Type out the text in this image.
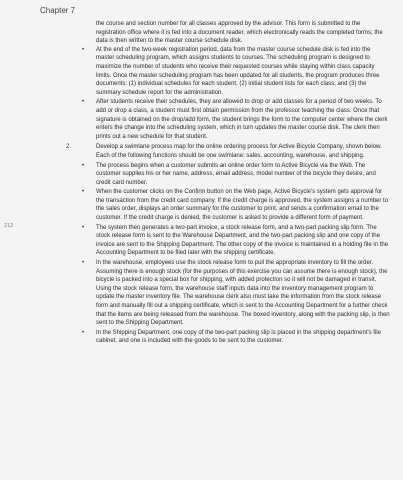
Chapter 7
212

the course and section number for all classes approved by the advisor. This form is submitted to the registration office where it is fed into a document reader, which electronically reads the completed forms; the data is then written to the master course schedule disk.

• At the end of the two-week registration period, data from the master course schedule disk is fed into the master scheduling program, which assigns students to courses. The scheduling program is designed to maximize the number of students who receive their requested courses while staying within class capacity limits. Once the master scheduling program has been updated for all students, the program produces three documents: (1) individual schedules for each student, (2) initial student lists for each class, and (3) the summary schedule report for the administration.
• After students receive their schedules, they are allowed to drop or add classes for a period of two weeks. To add or drop a class, a student must first obtain permission from the professor teaching the class. Once that signature is obtained on the drop/add form, the student brings the form to the computer center where the clerk enters the change into the scheduling system, which in turn updates the master course disk. The clerk then prints out a new schedule for that student.
2.	Develop a swimlane process map for the online ordering process for Active Bicycle Company, shown below. Each of the following functions should be one swimlane: sales, accounting, warehouse, and shipping.

• The process begins when a customer submits an online order form to Active Bicycle via the Web. The customer supplies his or her name, address, email address, model number of the bicycle they desire, and credit card number.
• When the customer clicks on the Confirm button on the Web page, Active Bicycle's system gets approval for the transaction from the credit card company. If the credit charge is approved, the system assigns a number to the sales order, displays an order summary for the customer to print, and sends a confirmation email to the customer. If the credit charge is denied, the customer is asked to provide a different form of payment.
• The system then generates a two-part invoice, a stock release form, and a two-part packing slip form. The stock release form is sent to the Warehouse Department, and the two-part packing slip and one copy of the invoice are sent to the Shipping Department. The other copy of the invoice is maintained in a holding file in the Accounting Department to be filed later with the shipping certificate.
• In the warehouse, employees use the stock release form to pull the appropriate inventory to fill the order. Assuming there is enough stock (for the purposes of this exercise you can assume there is enough stock), the bicycle is packed into a special box for shipping, with added protection so it will not be damaged in transit. Using the stock release form, the warehouse staff inputs data into the inventory management program to update the master inventory file. The warehouse clerk also must take the information from the stock release form and manually fill out a shipping certificate, which is sent to the Accounting Department for a further check that the items are being released from the warehouse. The boxed inventory, along with the packing slip, is then sent to the Shipping Department.
• In the Shipping Department, one copy of the two-part packing slip is placed in the shipping department's file cabinet, and one is included with the goods to be sent to the customer.
